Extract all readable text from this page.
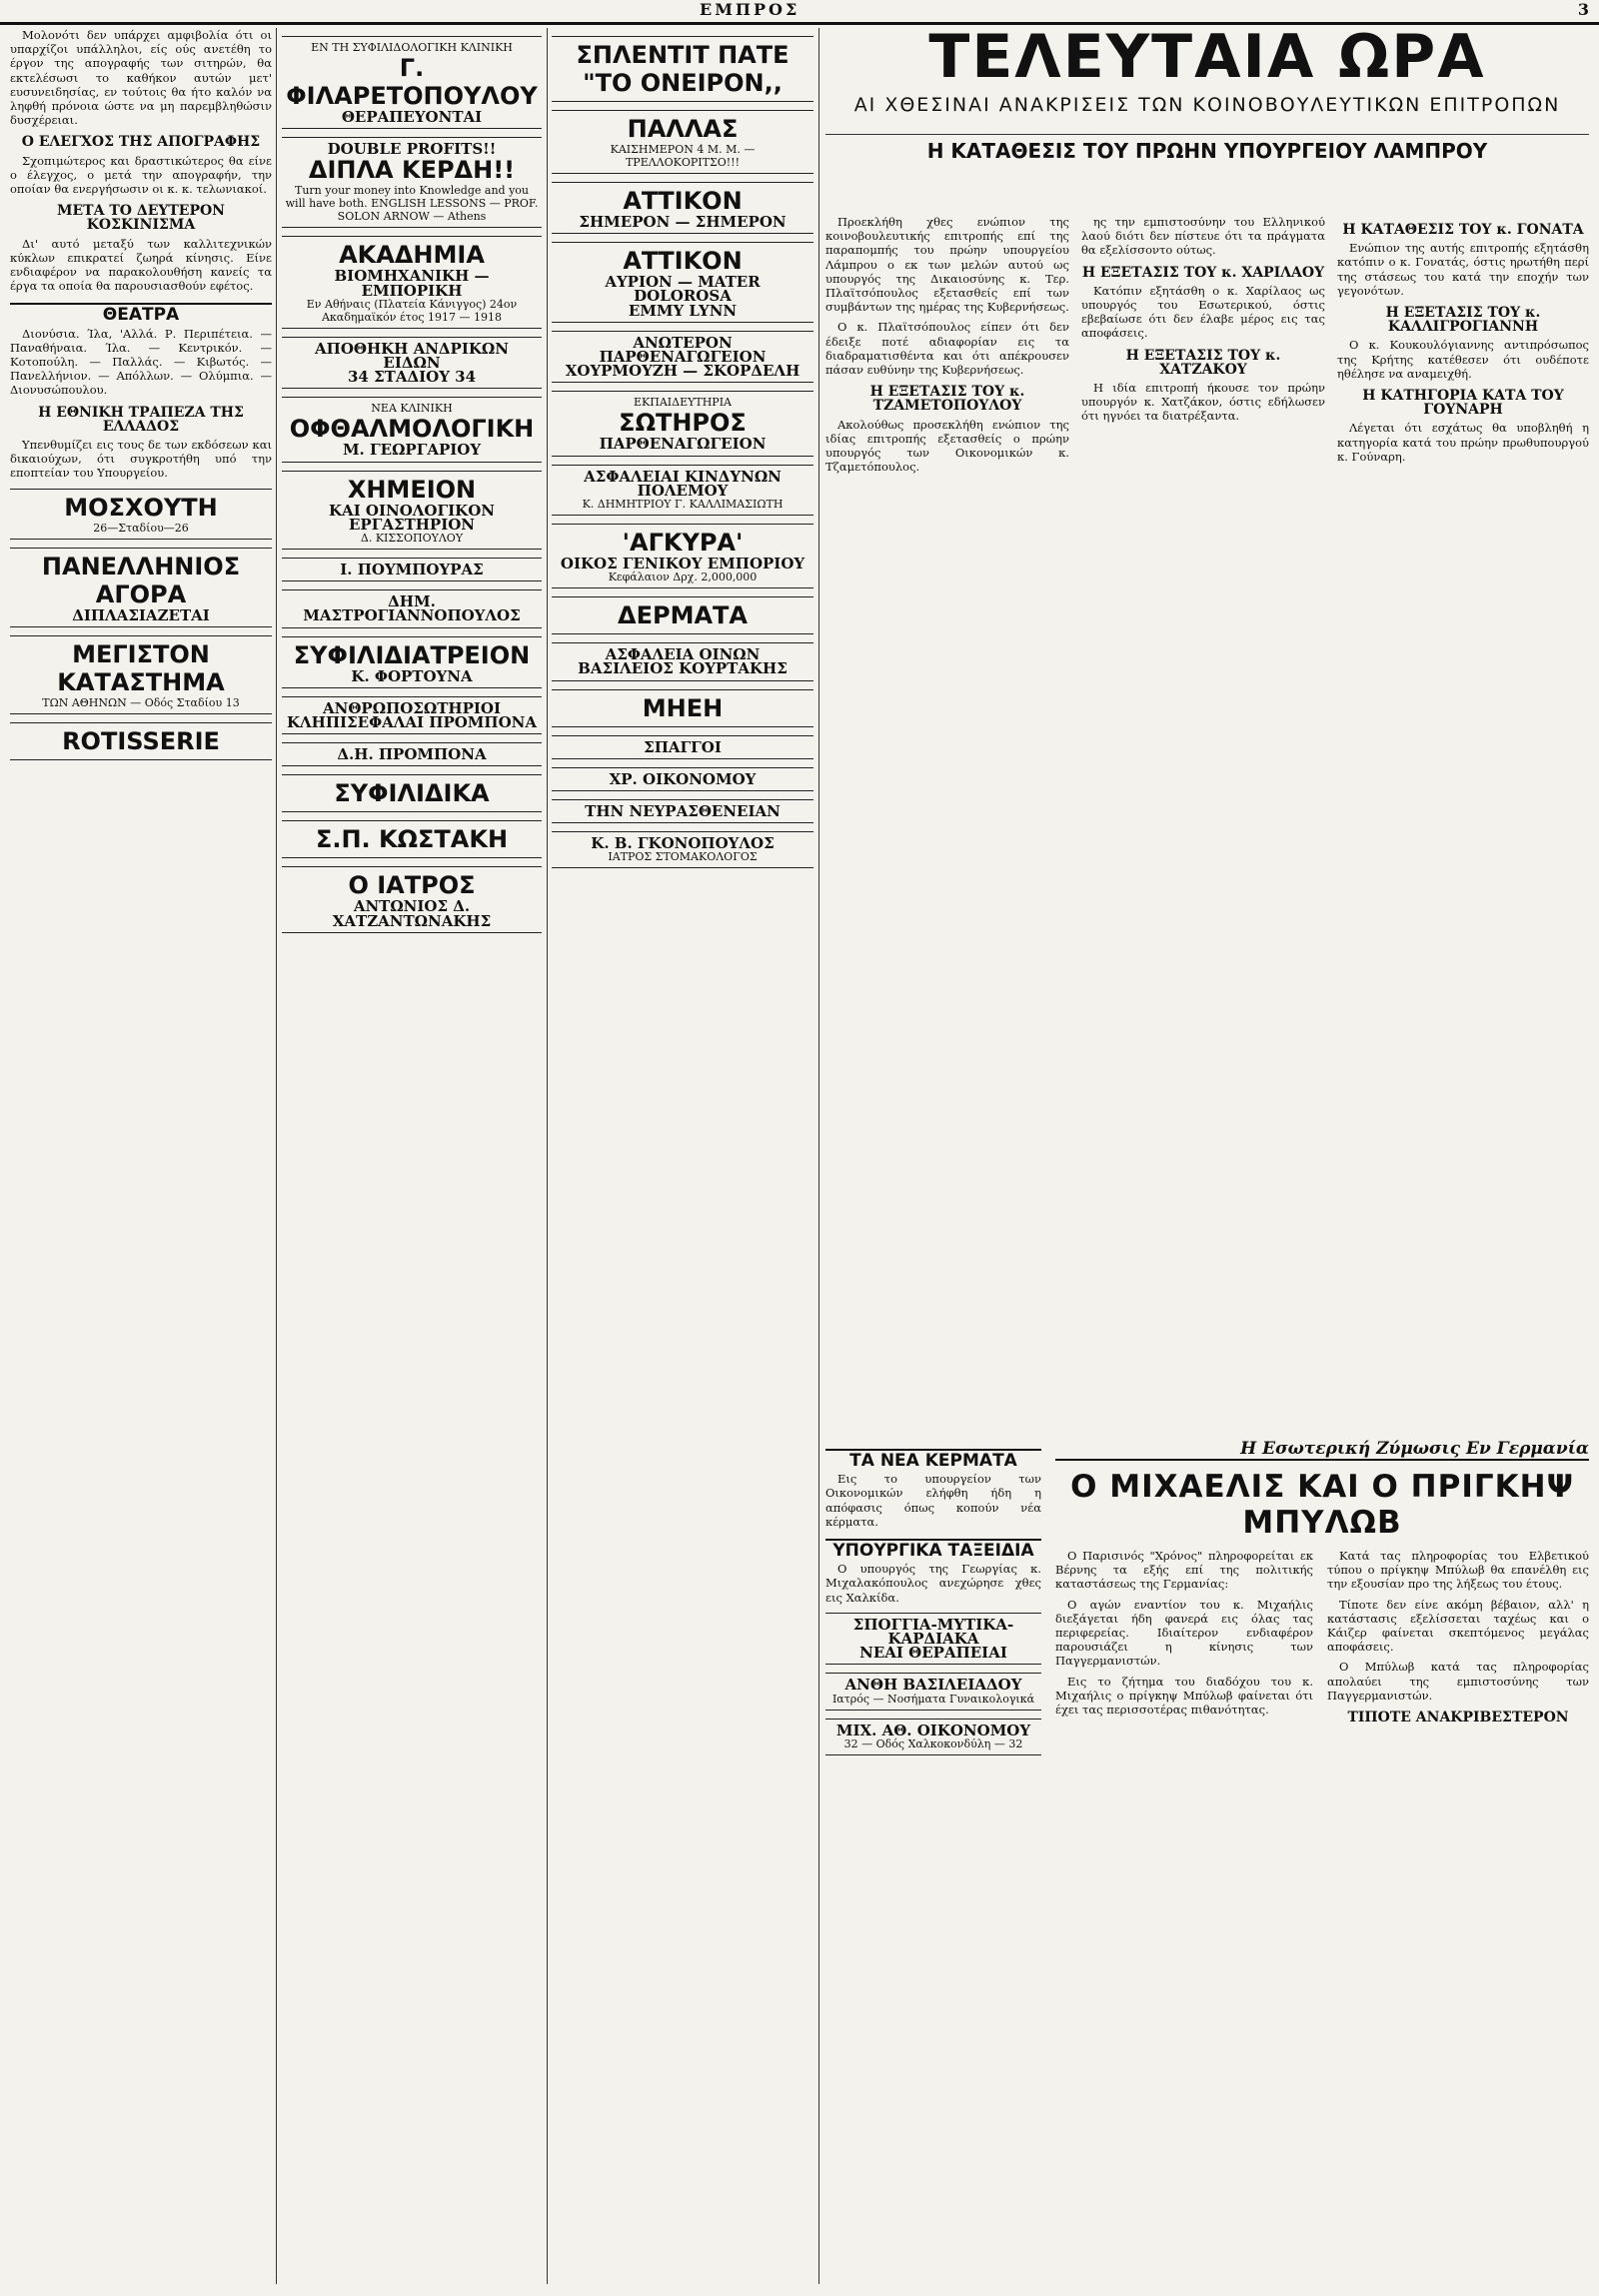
ΕΜΠΡΟΣ	3

Μολονότι δεν υπάρχει αμφιβολία ότι οι υπαρχίζοι υπάλληλοι, είς ούς ανετέθη το έργον της απογραφής των σιτηρών, θα εκτελέσωσι το καθήκον αυτών μετ' ευσυνειδησίας, εν τούτοις θα ήτο καλόν να ληφθή πρόνοια ώστε να μη παρεμβληθώσιν δυσχέρειαι.

Ο ΕΛΕΓΧΟΣ ΤΗΣ ΑΠΟΓΡΑΦΗΣ

Σχοπιμώτερος και δραστικώτερος θα είνε ο έλεγχος, ο μετά την απογραφήν, την οποίαν θα ενεργήσωσιν οι κ. κ. τελωνιακοί.

ΜΕΤΑ ΤΟ ΔΕΥΤΕΡΟΝ ΚΟΣΚΙΝΙΣΜΑ

Δι' αυτό μεταξύ των καλλιτεχνικών κύκλων επικρατεί ζωηρά κίνησις. Είνε ενδιαφέρον να παρακολουθήση κανείς τα έργα τα οποία θα παρουσιασθούν εφέτος.

ΘΕΑΤΡΑ

Διονύσια. Ίλα, 'Αλλά. Ρ. Περιπέτεια. — Παναθήναια. Ίλα. — Κεντρικόν. — Κοτοπούλη. — Παλλάς. — Κιβωτός. — Πανελλήνιον. — Απόλλων. — Ολύμπια. — Διονυσώπουλου.

Η ΕΘΝΙΚΗ ΤΡΑΠΕΖΑ ΤΗΣ ΕΛΛΑΔΟΣ

Υπενθυμίζει εις τους δε των εκδόσεων και δικαιούχων, ότι συγκροτήθη υπό την εποπτείαν του Υπουργείου.

ΜΟΣΧΟΥΤΗ
26—Σταδίου—26
ΠΑΝΕΛΛΗΝΙΟΣ ΑΓΟΡΑ
ΔΙΠΛΑΣΙΑΖΕΤΑΙ
ΜΕΓΙΣΤΟΝ ΚΑΤΑΣΤΗΜΑ
ΤΩΝ ΑΘΗΝΩΝ — Οδός Σταδίου 13
ROTISSERIE
ΕΝ ΤΗ ΣΥΦΙΛΙΔΟΛΟΓΙΚΗ ΚΛΙΝΙΚΗ
Γ. ΦΙΛΑΡΕΤΟΠΟΥΛΟΥ
ΘΕΡΑΠΕΥΟΝΤΑΙ
DOUBLE PROFITS!!
ΔΙΠΛΑ ΚΕΡΔΗ!!
Turn your money into Knowledge and you will have both. ENGLISH LESSONS — PROF. SOLON ARNOW — Athens
ΑΚΑΔΗΜΙΑ
ΒΙΟΜΗΧΑΝΙΚΗ — ΕΜΠΟΡΙΚΗ
Εν Αθήναις (Πλατεία Κάνιγγος) 24ον Ακαδημαϊκόν έτος 1917 — 1918
ΑΠΟΘΗΚΗ ΑΝΔΡΙΚΩΝ ΕΙΔΩΝ
34 ΣΤΑΔΙΟΥ 34
ΝΕΑ ΚΛΙΝΙΚΗ
ΟΦΘΑΛΜΟΛΟΓΙΚΗ
Μ. ΓΕΩΡΓΑΡΙΟΥ
ΧΗΜΕΙΟΝ
ΚΑΙ ΟΙΝΟΛΟΓΙΚΟΝ ΕΡΓΑΣΤΗΡΙΟΝ
Δ. ΚΙΣΣΟΠΟΥΛΟΥ
Ι. ΠΟΥΜΠΟΥΡΑΣ
ΔΗΜ. ΜΑΣΤΡΟΓΙΑΝΝΟΠΟΥΛΟΣ
ΣΥΦΙΛΙΔΙΑΤΡΕΙΟΝ
Κ. ΦΟΡΤΟΥΝΑ
ΑΝΘΡΩΠΟΣΩΤΗΡΙΟΙ ΚΛΗΠΙΣΕΦΑΛΑΙ ΠΡΟΜΠΟΝΑ
Δ.Η. ΠΡΟΜΠΟΝΑ
ΣΥΦΙΛΙΔΙΚΑ
Σ.Π. ΚΩΣΤΑΚΗ
Ο ΙΑΤΡΟΣ
ΑΝΤΩΝΙΟΣ Δ. ΧΑΤΖΑΝΤΩΝΑΚΗΣ
ΣΠΛΕΝΤΙΤ ΠΑΤΕ
"ΤΟ ΟΝΕΙΡΟΝ,,
ΠΑΛΛΑΣ
ΚΑΙΣΗΜΕΡΟΝ 4 Μ. Μ. — ΤΡΕΛΛΟΚΟΡΙΤΣΟ!!!
ΑΤΤΙΚΟΝ
ΣΗΜΕΡΟΝ — ΣΗΜΕΡΟΝ
ΑΤΤΙΚΟΝ
ΑΥΡΙΟΝ — MATER DOLOROSA
EMMY LYNN
ΑΝΩΤΕΡΟΝ ΠΑΡΘΕΝΑΓΩΓΕΙΟΝ
ΧΟΥΡΜΟΥΖΗ — ΣΚΟΡΔΕΛΗ
ΕΚΠΑΙΔΕΥΤΗΡΙΑ
ΣΩΤΗΡΟΣ
ΠΑΡΘΕΝΑΓΩΓΕΙΟΝ
ΑΣΦΑΛΕΙΑΙ ΚΙΝΔΥΝΩΝ ΠΟΛΕΜΟΥ
Κ. ΔΗΜΗΤΡΙΟΥ Γ. ΚΑΛΛΙΜΑΣΙΩΤΗ
'ΑΓΚΥΡΑ'
ΟΙΚΟΣ ΓΕΝΙΚΟΥ ΕΜΠΟΡΙΟΥ
Κεφάλαιον Δρχ. 2,000,000
ΔΕΡΜΑΤΑ
ΑΣΦΑΛΕΙΑ ΟΙΝΩΝ
ΒΑΣΙΛΕΙΟΣ ΚΟΥΡΤΑΚΗΣ
ΜΗΕΗ
ΣΠΑΓΓΟΙ
ΧΡ. ΟΙΚΟΝΟΜΟΥ
ΤΗΝ ΝΕΥΡΑΣΘΕΝΕΙΑΝ
Κ. Β. ΓΚΟΝΟΠΟΥΛΟΣ
ΙΑΤΡΟΣ ΣΤΟΜΑΚΟΛΟΓΟΣ
ΤΕΛΕΥΤΑΙΑ ΩΡΑ
ΑΙ ΧΘΕΣΙΝΑΙ ΑΝΑΚΡΙΣΕΙΣ ΤΩΝ ΚΟΙΝΟΒΟΥΛΕΥΤΙΚΩΝ ΕΠΙΤΡΟΠΩΝ
Η ΚΑΤΑΘΕΣΙΣ ΤΟΥ ΠΡΩΗΝ ΥΠΟΥΡΓΕΙΟΥ ΛΑΜΠΡΟΥ

Προεκλήθη χθες ενώπιον της κοινοβουλευτικής επιτροπής επί της παραπομπής του πρώην υπουργείου Λάμπρου ο εκ των μελών αυτού ως υπουργός της Δικαιοσύνης κ. Τερ. Πλαϊτσόπουλος εξετασθείς επί των συμβάντων της ημέρας της Κυβερνήσεως.

Ο κ. Πλαϊτσόπουλος είπεν ότι δεν έδειξε ποτέ αδιαφορίαν εις τα διαδραματισθέντα και ότι απέκρουσεν πάσαν ευθύνην της Κυβερνήσεως.

Η ΕΞΕΤΑΣΙΣ ΤΟΥ κ. ΤΖΑΜΕΤΟΠΟΥΛΟΥ

Ακολούθως προσεκλήθη ενώπιον της ιδίας επιτροπής εξετασθείς ο πρώην υπουργός των Οικονομικών κ. Τζαμετόπουλος.

ης την εμπιστοσύνην του Ελληνικού λαού διότι δεν πίστευε ότι τα πράγματα θα εξελίσσοντο ούτως.

Η ΕΞΕΤΑΣΙΣ ΤΟΥ κ. ΧΑΡΙΛΑΟΥ

Κατόπιν εξητάσθη ο κ. Χαρίλαος ως υπουργός του Εσωτερικού, όστις εβεβαίωσε ότι δεν έλαβε μέρος εις τας αποφάσεις.

Η ΕΞΕΤΑΣΙΣ ΤΟΥ κ. ΧΑΤΖΑΚΟΥ

Η ιδία επιτροπή ήκουσε τον πρώην υπουργόν κ. Χατζάκον, όστις εδήλωσεν ότι ηγνόει τα διατρέξαντα.

Η ΚΑΤΑΘΕΣΙΣ ΤΟΥ κ. ΓΟΝΑΤΑ

Ενώπιον της αυτής επιτροπής εξητάσθη κατόπιν ο κ. Γονατάς, όστις ηρωτήθη περί της στάσεως του κατά την εποχήν των γεγονότων.

Η ΕΞΕΤΑΣΙΣ ΤΟΥ κ. ΚΑΛΛΙΓΡΟΓΙΑΝΝΗ

Ο κ. Κουκουλόγιαννης αντιπρόσωπος της Κρήτης κατέθεσεν ότι ουδέποτε ηθέλησε να αναμειχθή.

Η ΚΑΤΗΓΟΡΙΑ ΚΑΤΑ ΤΟΥ ΓΟΥΝΑΡΗ

Λέγεται ότι εσχάτως θα υποβληθή η κατηγορία κατά του πρώην πρωθυπουργού κ. Γούναρη.

ΤΑ ΝΕΑ ΚΕΡΜΑΤΑ

Εις το υπουργείον των Οικονομικών ελήφθη ήδη η απόφασις όπως κοπούν νέα κέρματα.

ΥΠΟΥΡΓΙΚΑ ΤΑΞΕΙΔΙΑ

Ο υπουργός της Γεωργίας κ. Μιχαλακόπουλος ανεχώρησε χθες εις Χαλκίδα.

ΣΠΟΓΓΙΑ-ΜΥΤΙΚΑ-ΚΑΡΔΙΑΚΑ
ΝΕΑΙ ΘΕΡΑΠΕΙΑΙ
ΑΝΘΗ ΒΑΣΙΛΕΙΑΔΟΥ
Ιατρός — Νοσήματα Γυναικολογικά
ΜΙΧ. ΑΘ. ΟΙΚΟΝΟΜΟΥ
32 — Οδός Χαλκοκονδύλη — 32
Η Εσωτερική Ζύμωσις Εν Γερμανία
Ο ΜΙΧΑΕΛΙΣ ΚΑΙ Ο ΠΡΙΓΚΗΨ ΜΠΥΛΩΒ

Ο Παρισινός "Χρόνος" πληροφορείται εκ Βέρνης τα εξής επί της πολιτικής καταστάσεως της Γερμανίας:

Ο αγών εναντίον του κ. Μιχαήλις διεξάγεται ήδη φανερά εις όλας τας περιφερείας. Ιδιαίτερον ενδιαφέρον παρουσιάζει η κίνησις των Παγγερμανιστών.

Εις το ζήτημα του διαδόχου του κ. Μιχαήλις ο πρίγκηψ Μπύλωβ φαίνεται ότι έχει τας περισσοτέρας πιθανότητας.

Κατά τας πληροφορίας του Ελβετικού τύπου ο πρίγκηψ Μπύλωβ θα επανέλθη εις την εξουσίαν προ της λήξεως του έτους.

Τίποτε δεν είνε ακόμη βέβαιον, αλλ' η κατάστασις εξελίσσεται ταχέως και ο Κάιζερ φαίνεται σκεπτόμενος μεγάλας αποφάσεις.

Ο Μπύλωβ κατά τας πληροφορίας απολαύει της εμπιστοσύνης των Παγγερμανιστών.

ΤΙΠΟΤΕ ΑΝΑΚΡΙΒΕΣΤΕΡΟΝ
